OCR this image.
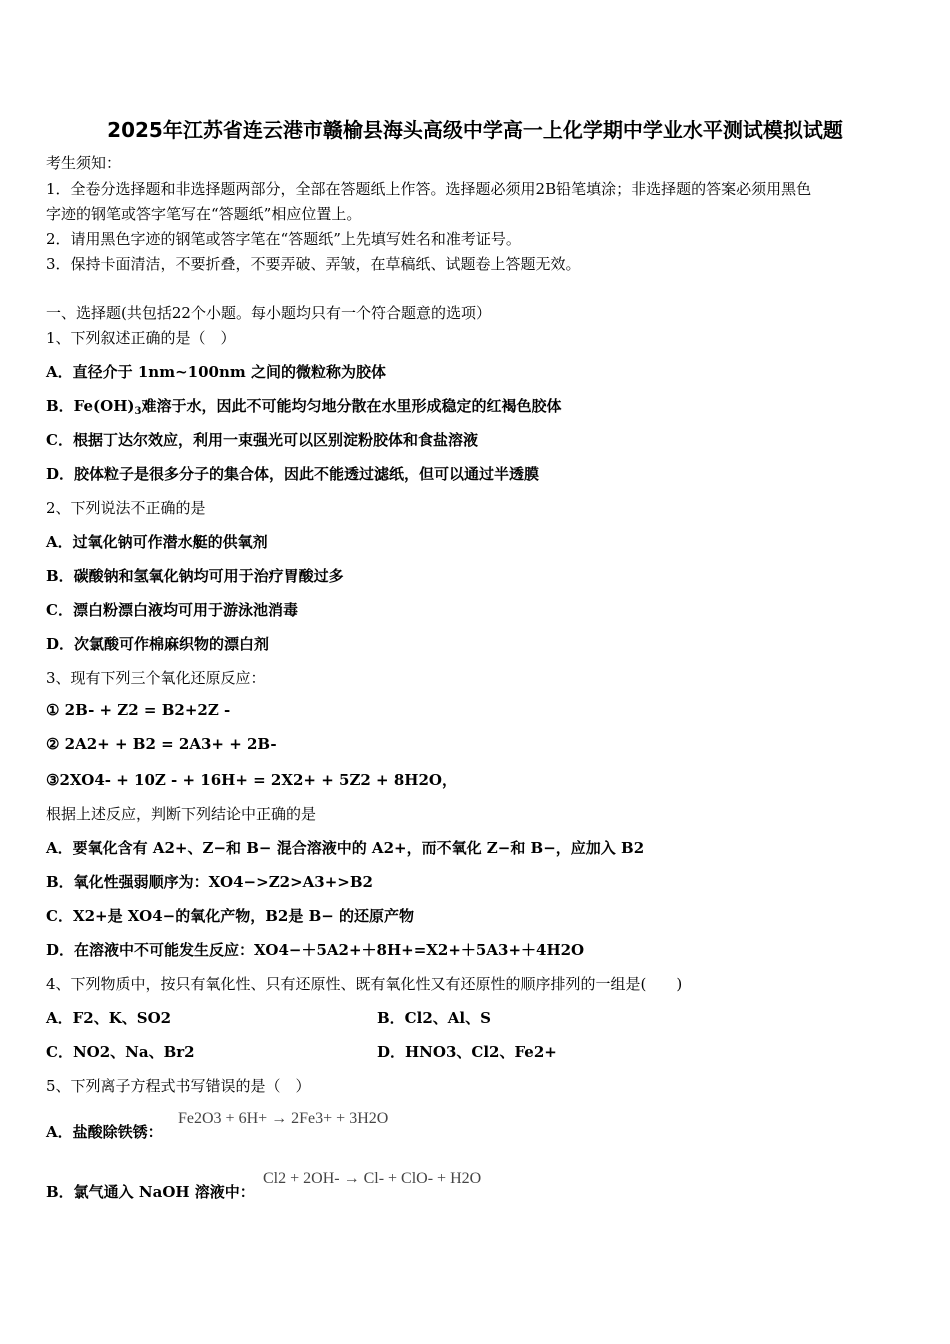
2025年江苏省连云港市赣榆县海头高级中学高一上化学期中学业水平测试模拟试题
考生须知：
1．全卷分选择题和非选择题两部分，全部在答题纸上作答。选择题必须用2B铅笔填涂；非选择题的答案必须用黑色
字迹的钢笔或答字笔写在“答题纸”相应位置上。
2．请用黑色字迹的钢笔或答字笔在“答题纸”上先填写姓名和准考证号。
3．保持卡面清洁，不要折叠，不要弄破、弄皱，在草稿纸、试题卷上答题无效。
一、选择题(共包括22个小题。每小题均只有一个符合题意的选项）
1、下列叙述正确的是（　）
A．直径介于 1nm~100nm 之间的微粒称为胶体
B．$Fe(OH)_3$难溶于水，因此不可能均匀地分散在水里形成稳定的红褐色胶体
C．根据丁达尔效应，利用一束强光可以区别淀粉胶体和食盐溶液
D．胶体粒子是很多分子的集合体，因此不能透过滤纸，但可以通过半透膜
2、下列说法不正确的是
A．过氧化钠可作潜水艇的供氧剂
B．碳酸钠和氢氧化钠均可用于治疗胃酸过多
C．漂白粉漂白液均可用于游泳池消毒
D．次氯酸可作棉麻织物的漂白剂
3、现有下列三个氧化还原反应：
① 2B- + Z2 = B2+2Z -
② 2A2+ + B2 = 2A3+ + 2B-
③2XO4- + 10Z - + 16H+ = 2X2+ + 5Z2 + 8H2O，
根据上述反应，判断下列结论中正确的是
A．要氧化含有 A2+、Z−和 B− 混合溶液中的 A2+，而不氧化 Z−和 B−，应加入 B2
B．氧化性强弱顺序为：XO4−>Z2>A3+>B2
C．X2+是 XO4−的氧化产物，B2是 B− 的还原产物
D．在溶液中不可能发生反应：XO4−＋5A2+＋8H+=X2+＋5A3+＋4H2O
4、下列物质中，按只有氧化性、只有还原性、既有氧化性又有还原性的顺序排列的一组是(　　)
A．F2、K、SO2	B．Cl2、Al、S
C．NO2、Na、Br2	D．HNO3、Cl2、Fe2+
5、下列离子方程式书写错误的是（　）
A．盐酸除铁锈：
Fe2O3 + 6H+ → 2Fe3+ + 3H2O
B．氯气通入 NaOH 溶液中：
Cl2 + 2OH- → Cl- + ClO- + H2O
